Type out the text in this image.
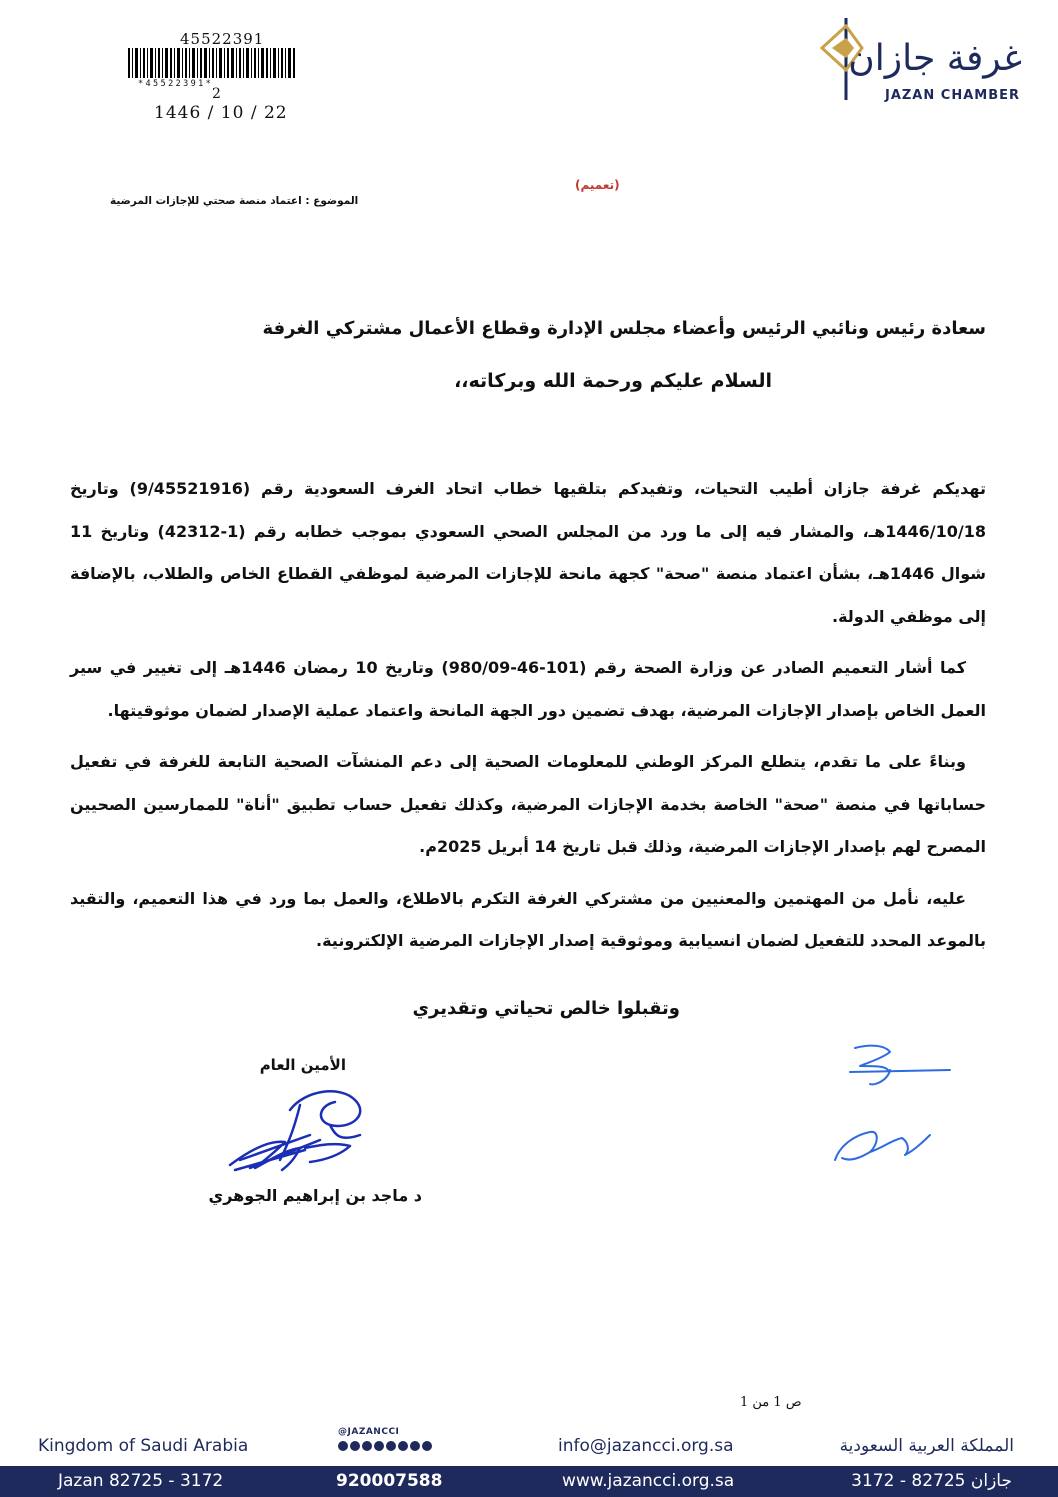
45522391
*45522391*
2
1446 / 10 / 22
غرفة جازان
JAZAN CHAMBER
(تعميم)
الموضوع : اعتماد منصة صحتي للإجازات المرضية
سعادة رئيس ونائبي الرئيس وأعضاء مجلس الإدارة وقطاع الأعمال مشتركي الغرفة
السلام عليكم ورحمة الله وبركاته،،

تهديكم غرفة جازان أطيب التحيات، وتفيدكم بتلقيها خطاب اتحاد الغرف السعودية رقم (9/45521916) وتاريخ 1446/10/18هـ، والمشار فيه إلى ما ورد من المجلس الصحي السعودي بموجب خطابه رقم (1-42312) وتاريخ 11 شوال 1446هـ، بشأن اعتماد منصة "صحة" كجهة مانحة للإجازات المرضية لموظفي القطاع الخاص والطلاب، بالإضافة إلى موظفي الدولة.

كما أشار التعميم الصادر عن وزارة الصحة رقم (101-46-980/09) وتاريخ 10 رمضان 1446هـ إلى تغيير في سير العمل الخاص بإصدار الإجازات المرضية، بهدف تضمين دور الجهة المانحة واعتماد عملية الإصدار لضمان موثوقيتها.

وبناءً على ما تقدم، يتطلع المركز الوطني للمعلومات الصحية إلى دعم المنشآت الصحية التابعة للغرفة في تفعيل حساباتها في منصة "صحة" الخاصة بخدمة الإجازات المرضية، وكذلك تفعيل حساب تطبيق "أناة" للممارسين الصحيين المصرح لهم بإصدار الإجازات المرضية، وذلك قبل تاريخ 14 أبريل 2025م.

عليه، نأمل من المهتمين والمعنيين من مشتركي الغرفة التكرم بالاطلاع، والعمل بما ورد في هذا التعميم، والتقيد بالموعد المحدد للتفعيل لضمان انسيابية وموثوقية إصدار الإجازات المرضية الإلكترونية.

وتقبلوا خالص تحياتي وتقديري
الأمين العام
د ماجد بن إبراهيم الجوهري
ص 1 من 1
Kingdom of Saudi Arabia
@JAZANCCI
info@jazancci.org.sa	المملكة العربية السعودية
Jazan 82725 - 3172	920007588	www.jazancci.org.sa	جازان 82725 - 3172
